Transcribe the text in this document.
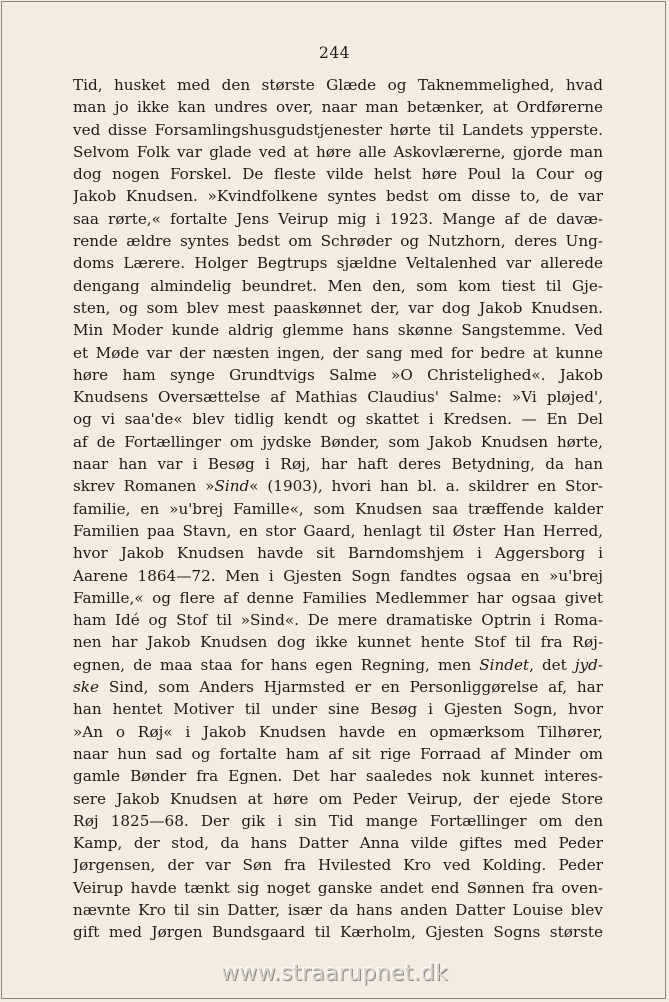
244
Tid, husket med den største Glæde og Taknemmelighed, hvad
man jo ikke kan undres over, naar man betænker, at Ordførerne
ved disse Forsamlingshusgudstjenester hørte til Landets ypperste.
Selvom Folk var glade ved at høre alle Askovlærerne, gjorde man
dog nogen Forskel. De fleste vilde helst høre Poul la Cour og
Jakob Knudsen. »Kvindfolkene syntes bedst om disse to, de var
saa rørte,« fortalte Jens Veirup mig i 1923. Mange af de davæ-
rende ældre syntes bedst om Schrøder og Nutzhorn, deres Ung-
doms Lærere. Holger Begtrups sjældne Veltalenhed var allerede
dengang almindelig beundret. Men den, som kom tiest til Gje-
sten, og som blev mest paaskønnet der, var dog Jakob Knudsen.
Min Moder kunde aldrig glemme hans skønne Sangstemme. Ved
et Møde var der næsten ingen, der sang med for bedre at kunne
høre ham synge Grundtvigs Salme »O Christelighed«. Jakob
Knudsens Oversættelse af Mathias Claudius' Salme: »Vi pløjed',
og vi saa'de« blev tidlig kendt og skattet i Kredsen. — En Del
af de Fortællinger om jydske Bønder, som Jakob Knudsen hørte,
naar han var i Besøg i Røj, har haft deres Betydning, da han
skrev Romanen »Sind« (1903), hvori han bl. a. skildrer en Stor-
familie, en »u'brej Famille«, som Knudsen saa træffende kalder
Familien paa Stavn, en stor Gaard, henlagt til Øster Han Herred,
hvor Jakob Knudsen havde sit Barndomshjem i Aggersborg i
Aarene 1864—72. Men i Gjesten Sogn fandtes ogsaa en »u'brej
Famille,« og flere af denne Families Medlemmer har ogsaa givet
ham Idé og Stof til »Sind«. De mere dramatiske Optrin i Roma-
nen har Jakob Knudsen dog ikke kunnet hente Stof til fra Røj-
egnen, de maa staa for hans egen Regning, men Sindet, det jyd-
ske Sind, som Anders Hjarmsted er en Personliggørelse af, har
han hentet Motiver til under sine Besøg i Gjesten Sogn, hvor
»An o Røj« i Jakob Knudsen havde en opmærksom Tilhører,
naar hun sad og fortalte ham af sit rige Forraad af Minder om
gamle Bønder fra Egnen. Det har saaledes nok kunnet interes-
sere Jakob Knudsen at høre om Peder Veirup, der ejede Store
Røj 1825—68. Der gik i sin Tid mange Fortællinger om den
Kamp, der stod, da hans Datter Anna vilde giftes med Peder
Jørgensen, der var Søn fra Hvilested Kro ved Kolding. Peder
Veirup havde tænkt sig noget ganske andet end Sønnen fra oven-
nævnte Kro til sin Datter, især da hans anden Datter Louise blev
gift med Jørgen Bundsgaard til Kærholm, Gjesten Sogns største
www.straarupnet.dk
